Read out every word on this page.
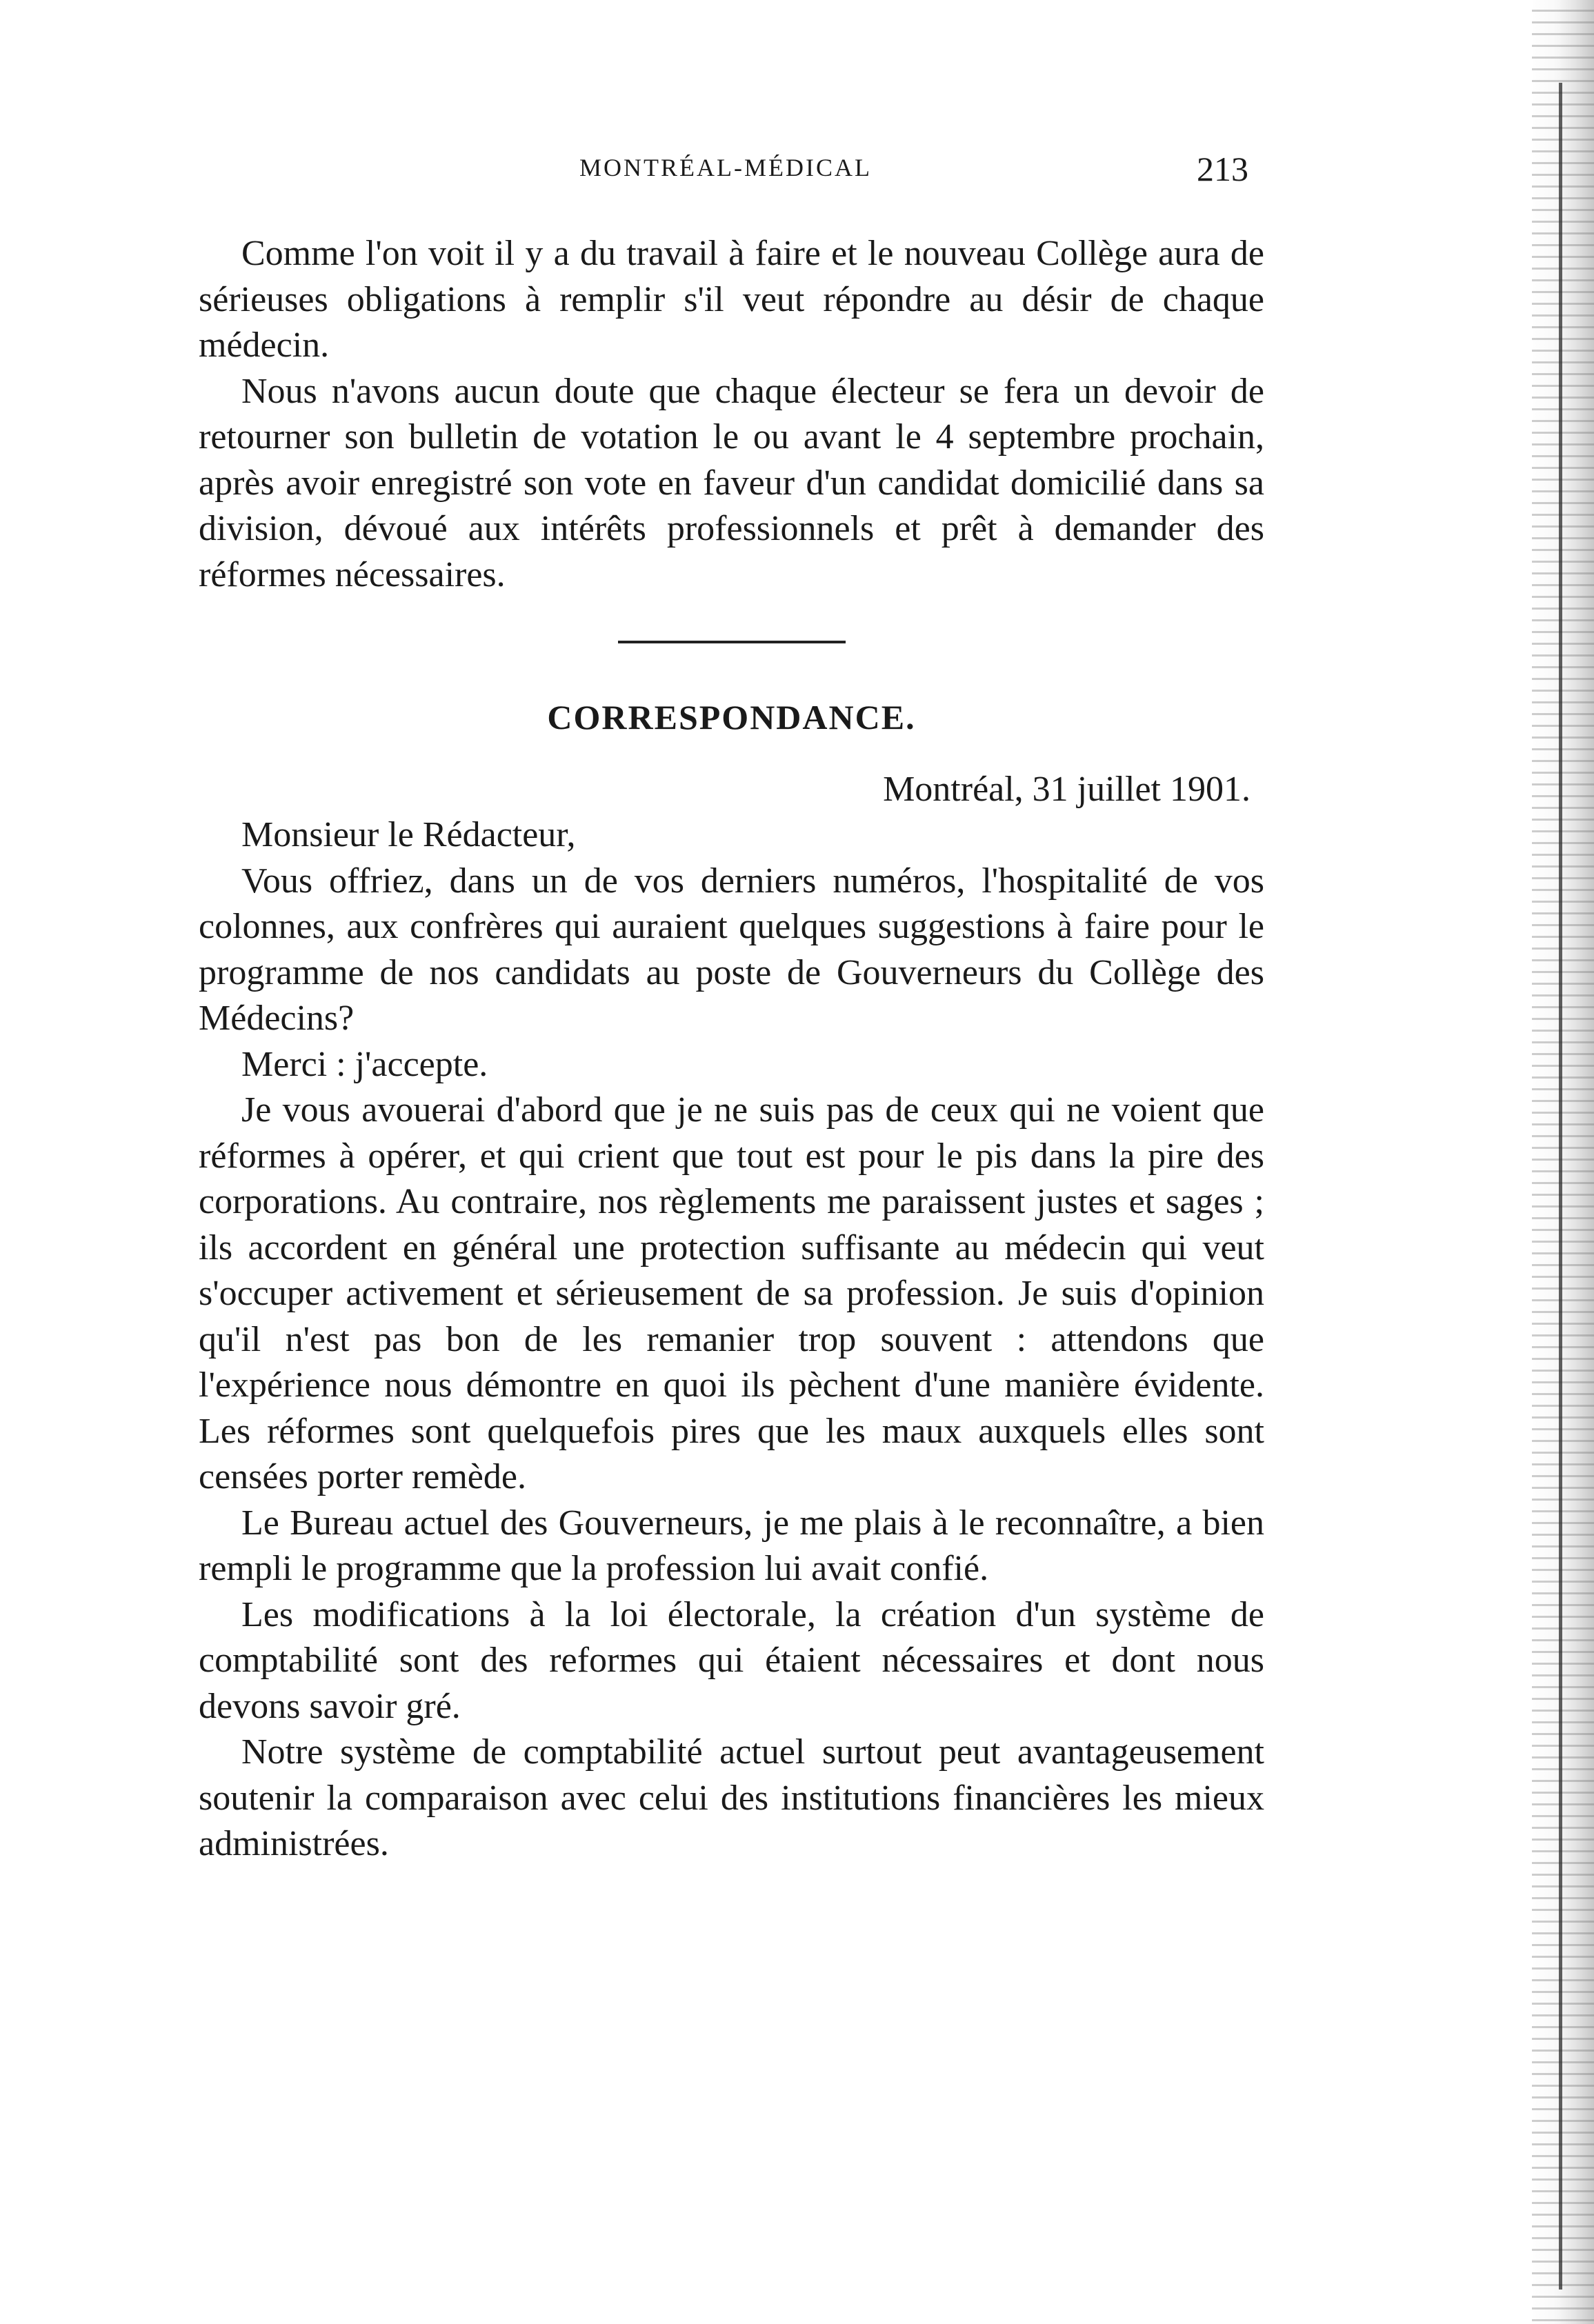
MONTRÉAL-MÉDICAL	213

Comme l'on voit il y a du travail à faire et le nouveau Collège aura de sérieuses obligations à remplir s'il veut répondre au désir de chaque médecin.

Nous n'avons aucun doute que chaque électeur se fera un devoir de retourner son bulletin de votation le ou avant le 4 septembre prochain, après avoir enregistré son vote en faveur d'un candidat domicilié dans sa division, dévoué aux intérêts professionnels et prêt à demander des réformes nécessaires.

CORRESPONDANCE.
Montréal, 31 juillet 1901.

Monsieur le Rédacteur,

Vous offriez, dans un de vos derniers numéros, l'hospitalité de vos colonnes, aux confrères qui auraient quelques suggestions à faire pour le programme de nos candidats au poste de Gouverneurs du Collège des Médecins?

Merci : j'accepte.

Je vous avouerai d'abord que je ne suis pas de ceux qui ne voient que réformes à opérer, et qui crient que tout est pour le pis dans la pire des corporations. Au contraire, nos règlements me paraissent justes et sages ; ils accordent en général une protection suffisante au médecin qui veut s'occuper activement et sérieusement de sa profession. Je suis d'opinion qu'il n'est pas bon de les remanier trop souvent : attendons que l'expérience nous démontre en quoi ils pèchent d'une manière évidente. Les réformes sont quelquefois pires que les maux auxquels elles sont censées porter remède.

Le Bureau actuel des Gouverneurs, je me plais à le reconnaître, a bien rempli le programme que la profession lui avait confié.

Les modifications à la loi électorale, la création d'un système de comptabilité sont des reformes qui étaient nécessaires et dont nous devons savoir gré.

Notre système de comptabilité actuel surtout peut avantageusement soutenir la comparaison avec celui des institutions financières les mieux administrées.
